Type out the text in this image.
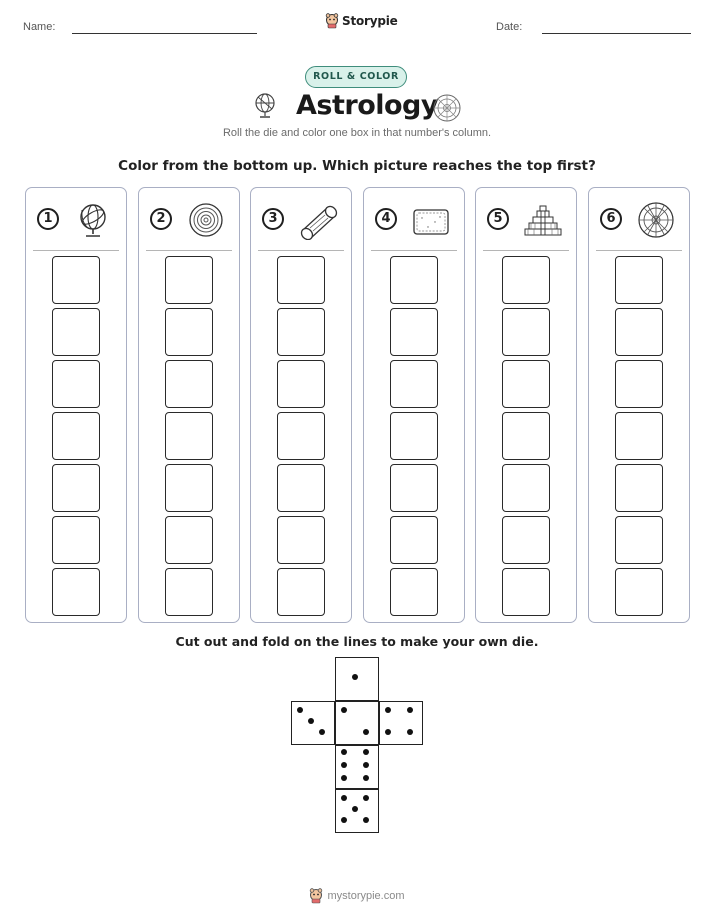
Name:	Storypie	Date:
ROLL & COLOR
Astrology
Roll the die and color one box in that number's column.
Color from the bottom up. Which picture reaches the top first?
1	2	3	4	5	6
Cut out and fold on the lines to make your own die.
mystorypie.com
